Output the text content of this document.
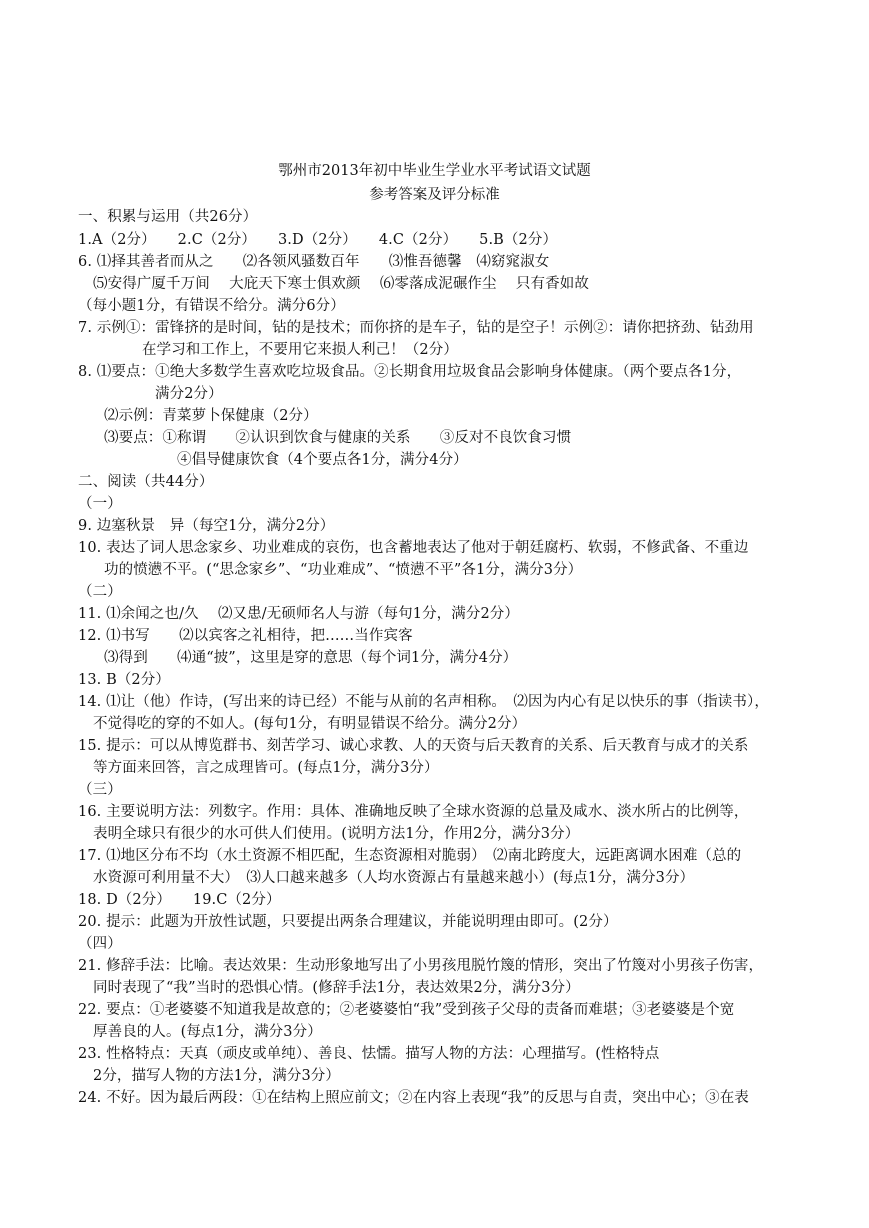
鄂州市2013年初中毕业生学业水平考试语文试题
参考答案及评分标准
一、积累与运用（共26分）
1.A（2分）　　2.C（2分）　　3.D（2分）　　4.C（2分）　　5.B（2分）
6. ⑴择其善者而从之　　⑵各领风骚数百年　　⑶惟吾德馨　⑷窈窕淑女
⑸安得广厦千万间　 大庇天下寒士俱欢颜　 ⑹零落成泥碾作尘　 只有香如故
（每小题1分，有错误不给分。满分6分）
7. 示例①：雷锋挤的是时间，钻的是技术；而你挤的是车子，钻的是空子！示例②：请你把挤劲、钻劲用
在学习和工作上，不要用它来损人利己！（2分）
8. ⑴要点：①绝大多数学生喜欢吃垃圾食品。②长期食用垃圾食品会影响身体健康。（两个要点各1分，
满分2分）
⑵示例：青菜萝卜保健康（2分）
⑶要点：①称谓　　②认识到饮食与健康的关系　　③反对不良饮食习惯
④倡导健康饮食（4个要点各1分，满分4分）
二、阅读（共44分）
（一）
9. 边塞秋景　异（每空1分，满分2分）
10. 表达了词人思念家乡、功业难成的哀伤，也含蓄地表达了他对于朝廷腐朽、软弱，不修武备、不重边
功的愤懑不平。(“思念家乡”、“功业难成”、“愤懑不平”各1分，满分3分）
（二）
11. ⑴余闻之也/久　 ⑵又患/无硕师名人与游（每句1分，满分2分）
12. ⑴书写　　⑵以宾客之礼相待，把……当作宾客
⑶得到　　⑷通“披”，这里是穿的意思（每个词1分，满分4分）
13. B（2分）
14. ⑴让（他）作诗，(写出来的诗已经）不能与从前的名声相称。　⑵因为内心有足以快乐的事（指读书），
不觉得吃的穿的不如人。(每句1分，有明显错误不给分。满分2分）
15. 提示：可以从博览群书、刻苦学习、诚心求教、人的天资与后天教育的关系、后天教育与成才的关系
等方面来回答，言之成理皆可。(每点1分，满分3分）
（三）
16. 主要说明方法：列数字。作用：具体、准确地反映了全球水资源的总量及咸水、淡水所占的比例等，
表明全球只有很少的水可供人们使用。(说明方法1分，作用2分，满分3分）
17. ⑴地区分布不均（水土资源不相匹配，生态资源相对脆弱）　⑵南北跨度大，远距离调水困难（总的
水资源可利用量不大）　⑶人口越来越多（人均水资源占有量越来越小）(每点1分，满分3分）
18. D（2分）　　19.C（2分）
20. 提示：此题为开放性试题，只要提出两条合理建议，并能说明理由即可。(2分）
（四）
21. 修辞手法：比喻。表达效果：生动形象地写出了小男孩甩脱竹篾的情形，突出了竹篾对小男孩子伤害，
同时表现了“我”当时的恐惧心情。(修辞手法1分，表达效果2分，满分3分）
22. 要点：①老婆婆不知道我是故意的；②老婆婆怕“我”受到孩子父母的责备而难堪；③老婆婆是个宽
厚善良的人。(每点1分，满分3分）
23. 性格特点：天真（顽皮或单纯）、善良、怯懦。描写人物的方法：心理描写。(性格特点
2分，描写人物的方法1分，满分3分）
24. 不好。因为最后两段：①在结构上照应前文；②在内容上表现“我”的反思与自责，突出中心；③在表
